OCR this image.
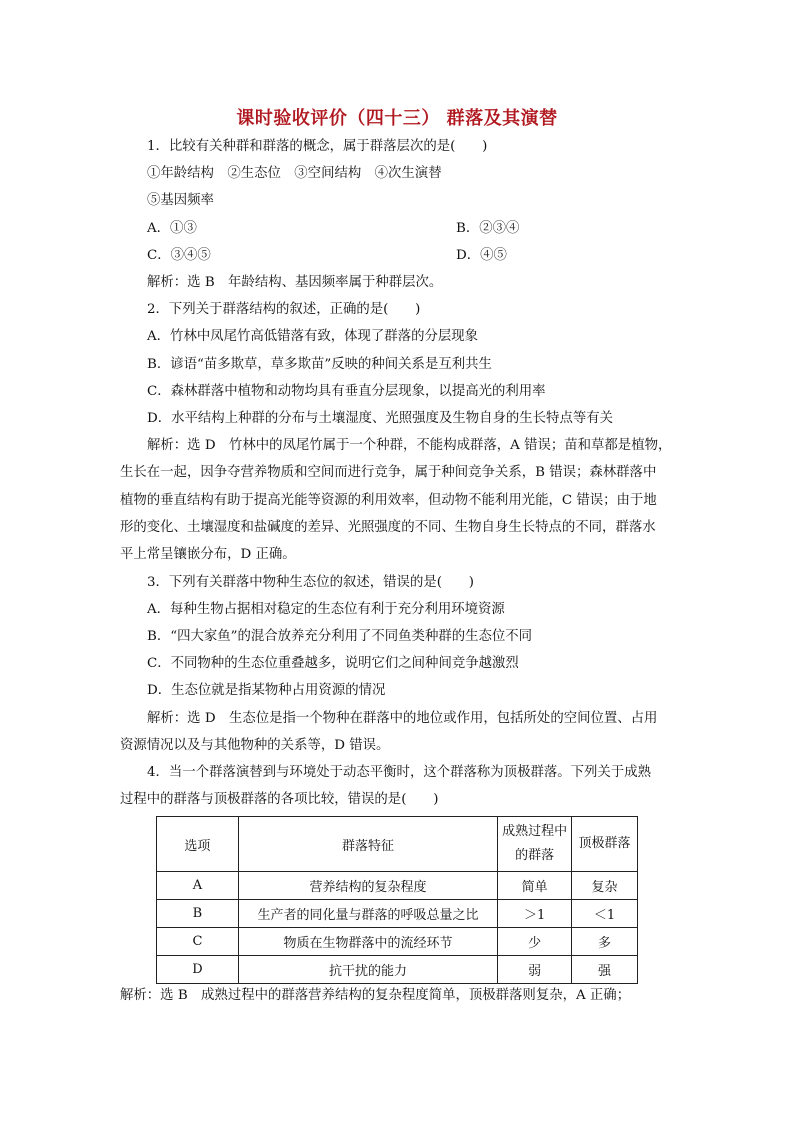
课时验收评价（四十三） 群落及其演替
1．比较有关种群和群落的概念，属于群落层次的是(　　)
①年龄结构　②生态位　③空间结构　④次生演替
⑤基因频率
A．①③	B．②③④
C．③④⑤	D．④⑤
解析：选 B　年龄结构、基因频率属于种群层次。
2．下列关于群落结构的叙述，正确的是(　　)
A．竹林中凤尾竹高低错落有致，体现了群落的分层现象
B．谚语“苗多欺草，草多欺苗”反映的种间关系是互利共生
C．森林群落中植物和动物均具有垂直分层现象，以提高光的利用率
D．水平结构上种群的分布与土壤湿度、光照强度及生物自身的生长特点等有关
解析：选 D　竹林中的凤尾竹属于一个种群，不能构成群落，A 错误；苗和草都是植物，
生长在一起，因争夺营养物质和空间而进行竞争，属于种间竞争关系，B 错误；森林群落中
植物的垂直结构有助于提高光能等资源的利用效率，但动物不能利用光能，C 错误；由于地
形的变化、土壤湿度和盐碱度的差异、光照强度的不同、生物自身生长特点的不同，群落水
平上常呈镶嵌分布，D 正确。
3．下列有关群落中物种生态位的叙述，错误的是(　　)
A．每种生物占据相对稳定的生态位有利于充分利用环境资源
B．“四大家鱼”的混合放养充分利用了不同鱼类种群的生态位不同
C．不同物种的生态位重叠越多，说明它们之间种间竞争越激烈
D．生态位就是指某物种占用资源的情况
解析：选 D　生态位是指一个物种在群落中的地位或作用，包括所处的空间位置、占用
资源情况以及与其他物种的关系等，D 错误。
4．当一个群落演替到与环境处于动态平衡时，这个群落称为顶极群落。下列关于成熟
过程中的群落与顶极群落的各项比较，错误的是(　　)
选项	群落特征	成熟过程中的群落	顶极群落
A	营养结构的复杂程度	简单	复杂
B	生产者的同化量与群落的呼吸总量之比	＞1	＜1
C	物质在生物群落中的流经环节	少	多
D	抗干扰的能力	弱	强
解析：选 B　成熟过程中的群落营养结构的复杂程度简单，顶极群落则复杂，A 正确；
